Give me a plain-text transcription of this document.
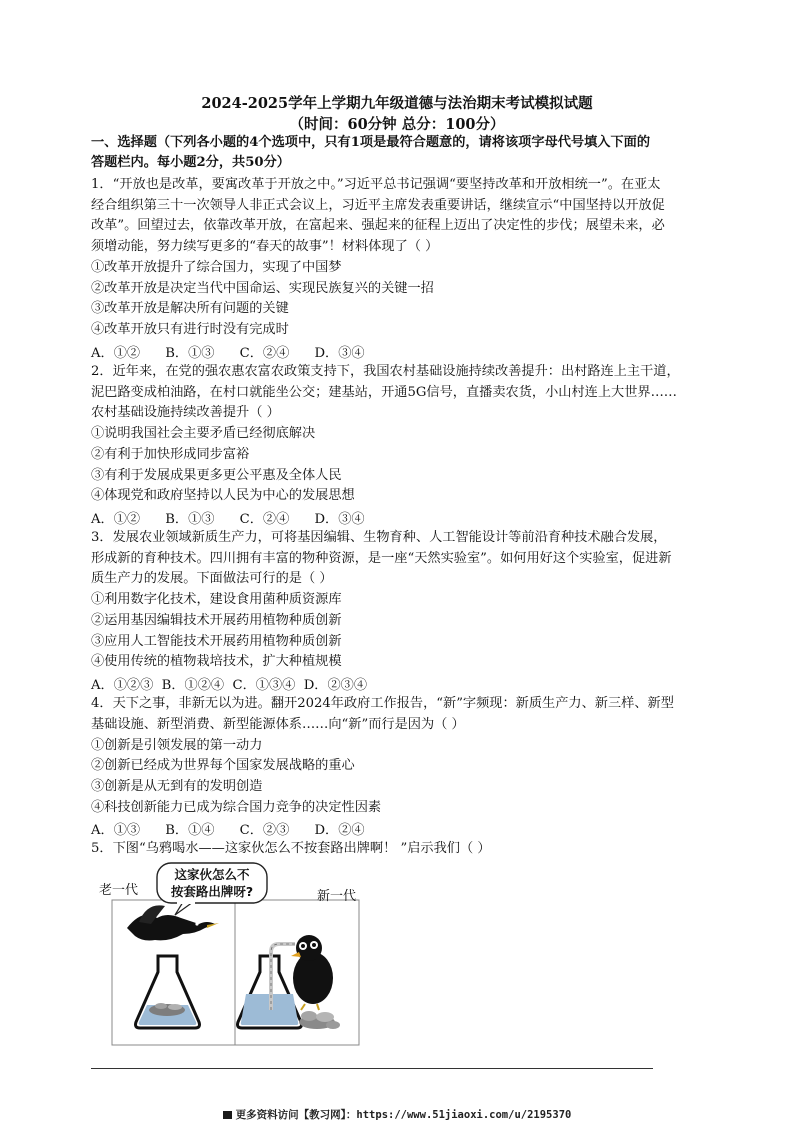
2024-2025学年上学期九年级道德与法治期末考试模拟试题
（时间：60分钟 总分：100分）
一、选择题（下列各小题的4个选项中，只有1项是最符合题意的，请将该项字母代号填入下面的
答题栏内。每小题2分，共50分）
1．“开放也是改革，要寓改革于开放之中。”习近平总书记强调“要坚持改革和开放相统一”。在亚太
经合组织第三十一次领导人非正式会议上，习近平主席发表重要讲话，继续宣示“中国坚持以开放促
改革”。回望过去，依靠改革开放，在富起来、强起来的征程上迈出了决定性的步伐；展望未来，必
须增动能，努力续写更多的“春天的故事”！材料体现了（ ）
①改革开放提升了综合国力，实现了中国梦
②改革开放是决定当代中国命运、实现民族复兴的关键一招
③改革开放是解决所有问题的关键
④改革开放只有进行时没有完成时
A．①②      B．①③      C．②④      D．③④
2．近年来，在党的强农惠农富农政策支持下，我国农村基础设施持续改善提升：出村路连上主干道，
泥巴路变成柏油路，在村口就能坐公交；建基站，开通5G信号，直播卖农货，小山村连上大世界……
农村基础设施持续改善提升（ ）
①说明我国社会主要矛盾已经彻底解决
②有利于加快形成同步富裕
③有利于发展成果更多更公平惠及全体人民
④体现党和政府坚持以人民为中心的发展思想
A．①②      B．①③      C．②④      D．③④
3．发展农业领域新质生产力，可将基因编辑、生物育种、人工智能设计等前沿育种技术融合发展，
形成新的育种技术。四川拥有丰富的物种资源，是一座“天然实验室”。如何用好这个实验室，促进新
质生产力的发展。下面做法可行的是（ ）
①利用数字化技术，建设食用菌种质资源库
②运用基因编辑技术开展药用植物种质创新
③应用人工智能技术开展药用植物种质创新
④使用传统的植物栽培技术，扩大种植规模
A．①②③  B．①②④  C．①③④  D．②③④
4．天下之事，非新无以为进。翻开2024年政府工作报告，“新”字频现：新质生产力、新三样、新型
基础设施、新型消费、新型能源体系……向“新”而行是因为（ ）
①创新是引领发展的第一动力
②创新已经成为世界每个国家发展战略的重心
③创新是从无到有的发明创造
④科技创新能力已成为综合国力竞争的决定性因素
A．①③      B．①④      C．②③      D．②④
5．下图“乌鸦喝水——这家伙怎么不按套路出牌啊！ ”启示我们（ ）
这家伙怎么不
按套路出牌呀?
老一代	新一代
更多资料访问【教习网】：https://www.51jiaoxi.com/u/2195370
